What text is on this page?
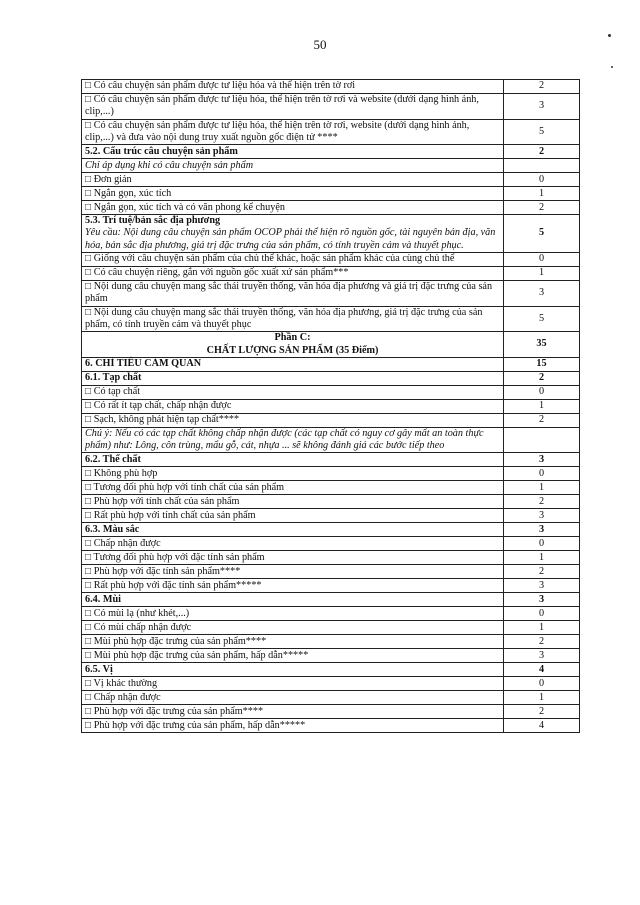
50
□ Có câu chuyện sản phẩm được tư liệu hóa và thể hiện trên tờ rơi	2
□ Có câu chuyện sản phẩm được tư liệu hóa, thể hiện trên tờ rơi và website (dưới dạng hình ảnh, clip,...)	3
□ Có câu chuyện sản phẩm được tư liệu hóa, thể hiện trên tờ rơi, website (dưới dạng hình ảnh, clip,...) và đưa vào nội dung truy xuất nguồn gốc điện tử ****	5
5.2. Cấu trúc câu chuyện sản phẩm	2
Chỉ áp dụng khi có câu chuyện sản phẩm	
□ Đơn giản	0
□ Ngắn gọn, xúc tích	1
□ Ngắn gọn, xúc tích và có văn phong kể chuyện	2
5.3. Trí tuệ/bản sắc địa phương
Yêu cầu: Nội dung câu chuyện sản phẩm OCOP phải thể hiện rõ nguồn gốc, tài nguyên bản địa, văn hóa, bản sắc địa phương, giá trị đặc trưng của sản phẩm, có tính truyền cảm và thuyết phục.	5
□ Giống với câu chuyện sản phẩm của chủ thể khác, hoặc sản phẩm khác của cùng chủ thể	0
□ Có câu chuyện riêng, gắn với nguồn gốc xuất xứ sản phẩm***	1
□ Nội dung câu chuyện mang sắc thái truyền thống, văn hóa địa phương và giá trị đặc trưng của sản phẩm	3
□ Nội dung câu chuyện mang sắc thái truyền thống, văn hóa địa phương, giá trị đặc trưng của sản phẩm, có tính truyền cảm và thuyết phục	5
Phần C:
CHẤT LƯỢNG SẢN PHẨM (35 Điểm)	35
6. CHỈ TIÊU CẢM QUAN	15
6.1. Tạp chất	2
□ Có tạp chất	0
□ Có rất ít tạp chất, chấp nhận được	1
□ Sạch, không phát hiện tạp chất****	2
Chú ý: Nếu có các tạp chất không chấp nhận được (các tạp chất có nguy cơ gây mất an toàn thực phẩm) như: Lông, côn trùng, mẩu gỗ, cát, nhựa ... sẽ không đánh giá các bước tiếp theo	
6.2. Thể chất	3
□ Không phù hợp	0
□ Tương đối phù hợp với tính chất của sản phẩm	1
□ Phù hợp với tính chất của sản phẩm	2
□ Rất phù hợp với tính chất của sản phẩm	3
6.3. Màu sắc	3
□ Chấp nhận được	0
□ Tương đối phù hợp với đặc tính sản phẩm	1
□ Phù hợp với đặc tính sản phẩm****	2
□ Rất phù hợp với đặc tính sản phẩm*****	3
6.4. Mùi	3
□ Có mùi lạ (như khét,...)	0
□ Có mùi chấp nhận được	1
□ Mùi phù hợp đặc trưng của sản phẩm****	2
□ Mùi phù hợp đặc trưng của sản phẩm, hấp dẫn*****	3
6.5. Vị	4
□ Vị khác thường	0
□ Chấp nhận được	1
□ Phù hợp với đặc trưng của sản phẩm****	2
□ Phù hợp với đặc trưng của sản phẩm, hấp dẫn*****	4
